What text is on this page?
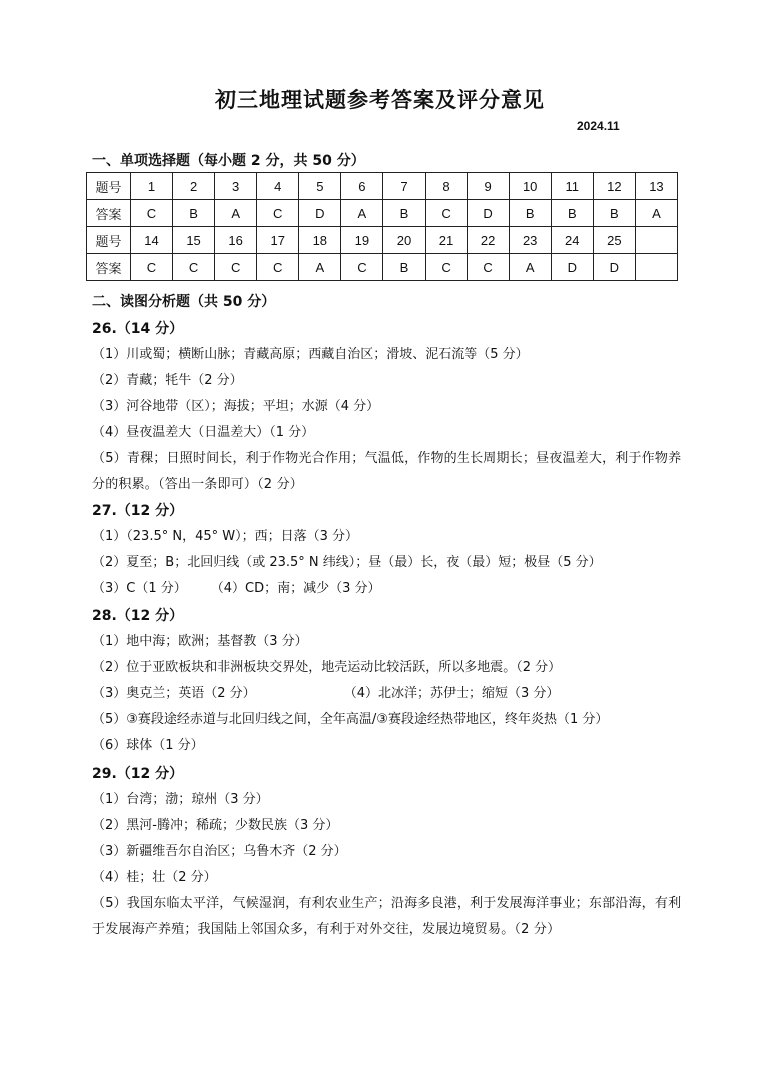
初三地理试题参考答案及评分意见
2024.11
一、单项选择题（每小题 2 分，共 50 分）
题号	1	2	3	4	5	6	7	8	9	10	11	12	13
答案	C	B	A	C	D	A	B	C	D	B	B	B	A
题号	14	15	16	17	18	19	20	21	22	23	24	25	
答案	C	C	C	C	A	C	B	C	C	A	D	D	
二、读图分析题（共 50 分）
26.（14 分）
（1）川或蜀；横断山脉；青藏高原；西藏自治区；滑坡、泥石流等（5 分）
（2）青藏；牦牛（2 分）
（3）河谷地带（区）；海拔；平坦；水源（4 分）
（4）昼夜温差大（日温差大）（1 分）
（5）青稞；日照时间长，利于作物光合作用；气温低，作物的生长周期长；昼夜温差大，利于作物养分的积累。（答出一条即可）（2 分）
27.（12 分）
（1）（23.5° N，45° W）；西；日落（3 分）
（2）夏至；B；北回归线（或 23.5° N 纬线）；昼（最）长，夜（最）短；极昼（5 分）
（3）C（1 分） （4）CD；南；减少（3 分）
28.（12 分）
（1）地中海；欧洲；基督教（3 分）
（2）位于亚欧板块和非洲板块交界处，地壳运动比较活跃，所以多地震。（2 分）
（3）奥克兰；英语（2 分）	（4）北冰洋；苏伊士；缩短（3 分）
（5）③赛段途经赤道与北回归线之间，全年高温/③赛段途经热带地区，终年炎热（1 分）
（6）球体（1 分）
29.（12 分）
（1）台湾；渤；琼州（3 分）
（2）黑河-腾冲；稀疏；少数民族（3 分）
（3）新疆维吾尔自治区；乌鲁木齐（2 分）
（4）桂；壮（2 分）
（5）我国东临太平洋，气候湿润，有利农业生产；沿海多良港，利于发展海洋事业；东部沿海，有利于发展海产养殖；我国陆上邻国众多，有利于对外交往，发展边境贸易。（2 分）
